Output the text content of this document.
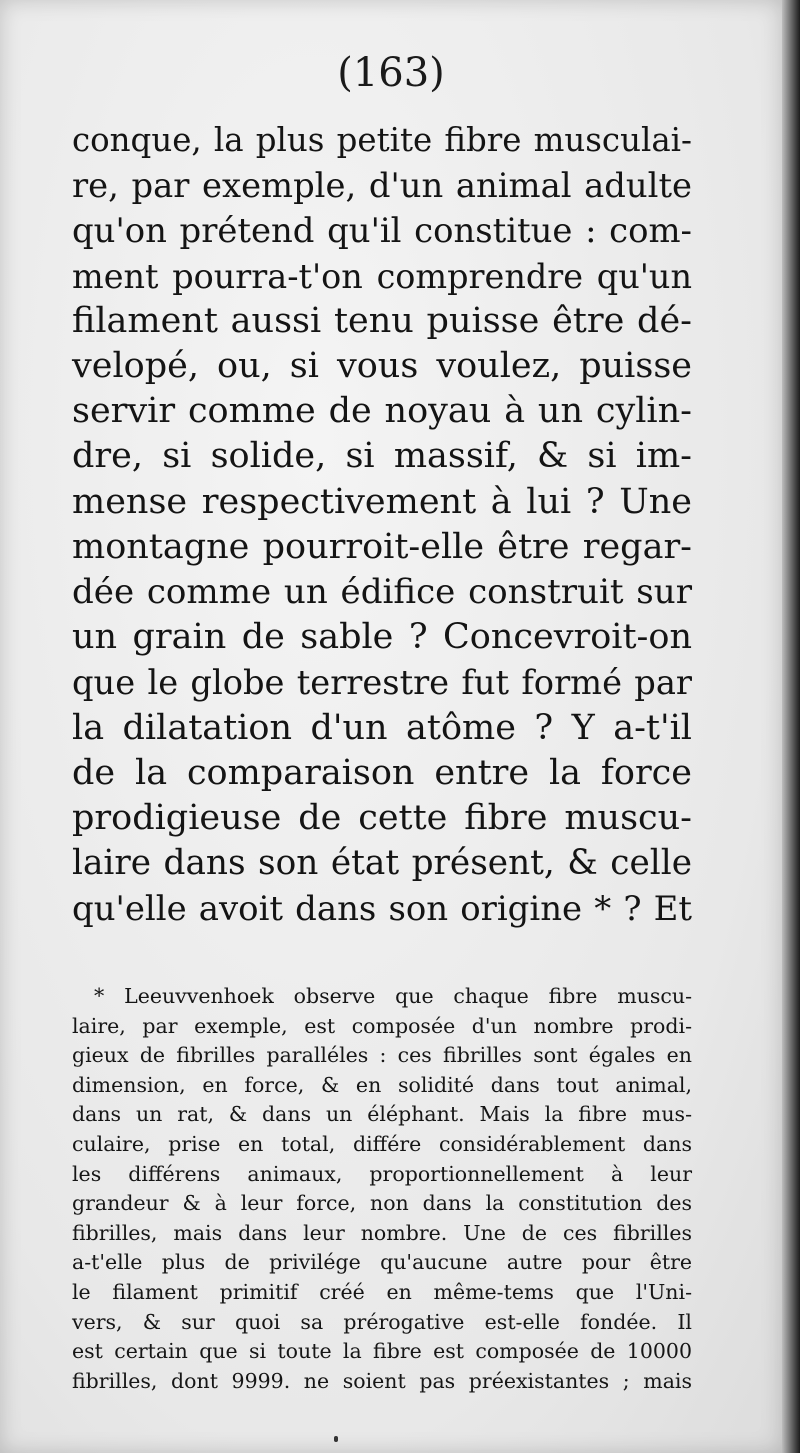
(163)
conque, la plus petite fibre musculai-
re, par exemple, d'un animal adulte
qu'on prétend qu'il constitue : com-
ment pourra-t'on comprendre qu'un
filament aussi tenu puisse être dé-
velopé, ou, si vous voulez, puisse
servir comme de noyau à un cylin-
dre, si solide, si massif, & si im-
mense respectivement à lui ? Une
montagne pourroit-elle être regar-
dée comme un édifice construit sur
un grain de sable ? Concevroit-on
que le globe terrestre fut formé par
la dilatation d'un atôme ? Y a-t'il
de la comparaison entre la force
prodigieuse de cette fibre muscu-
laire dans son état présent, & celle
qu'elle avoit dans son origine * ? Et
* Leeuvvenhoek observe que chaque fibre muscu-
laire, par exemple, est composée d'un nombre prodi-
gieux de fibrilles paralléles : ces fibrilles sont égales en
dimension, en force, & en solidité dans tout animal,
dans un rat, & dans un éléphant. Mais la fibre mus-
culaire, prise en total, différe considérablement dans
les différens animaux, proportionnellement à leur
grandeur & à leur force, non dans la constitution des
fibrilles, mais dans leur nombre. Une de ces fibrilles
a-t'elle plus de privilége qu'aucune autre pour être
le filament primitif créé en même-tems que l'Uni-
vers, & sur quoi sa prérogative est-elle fondée. Il
est certain que si toute la fibre est composée de 10000
fibrilles, dont 9999. ne soient pas préexistantes ; mais
